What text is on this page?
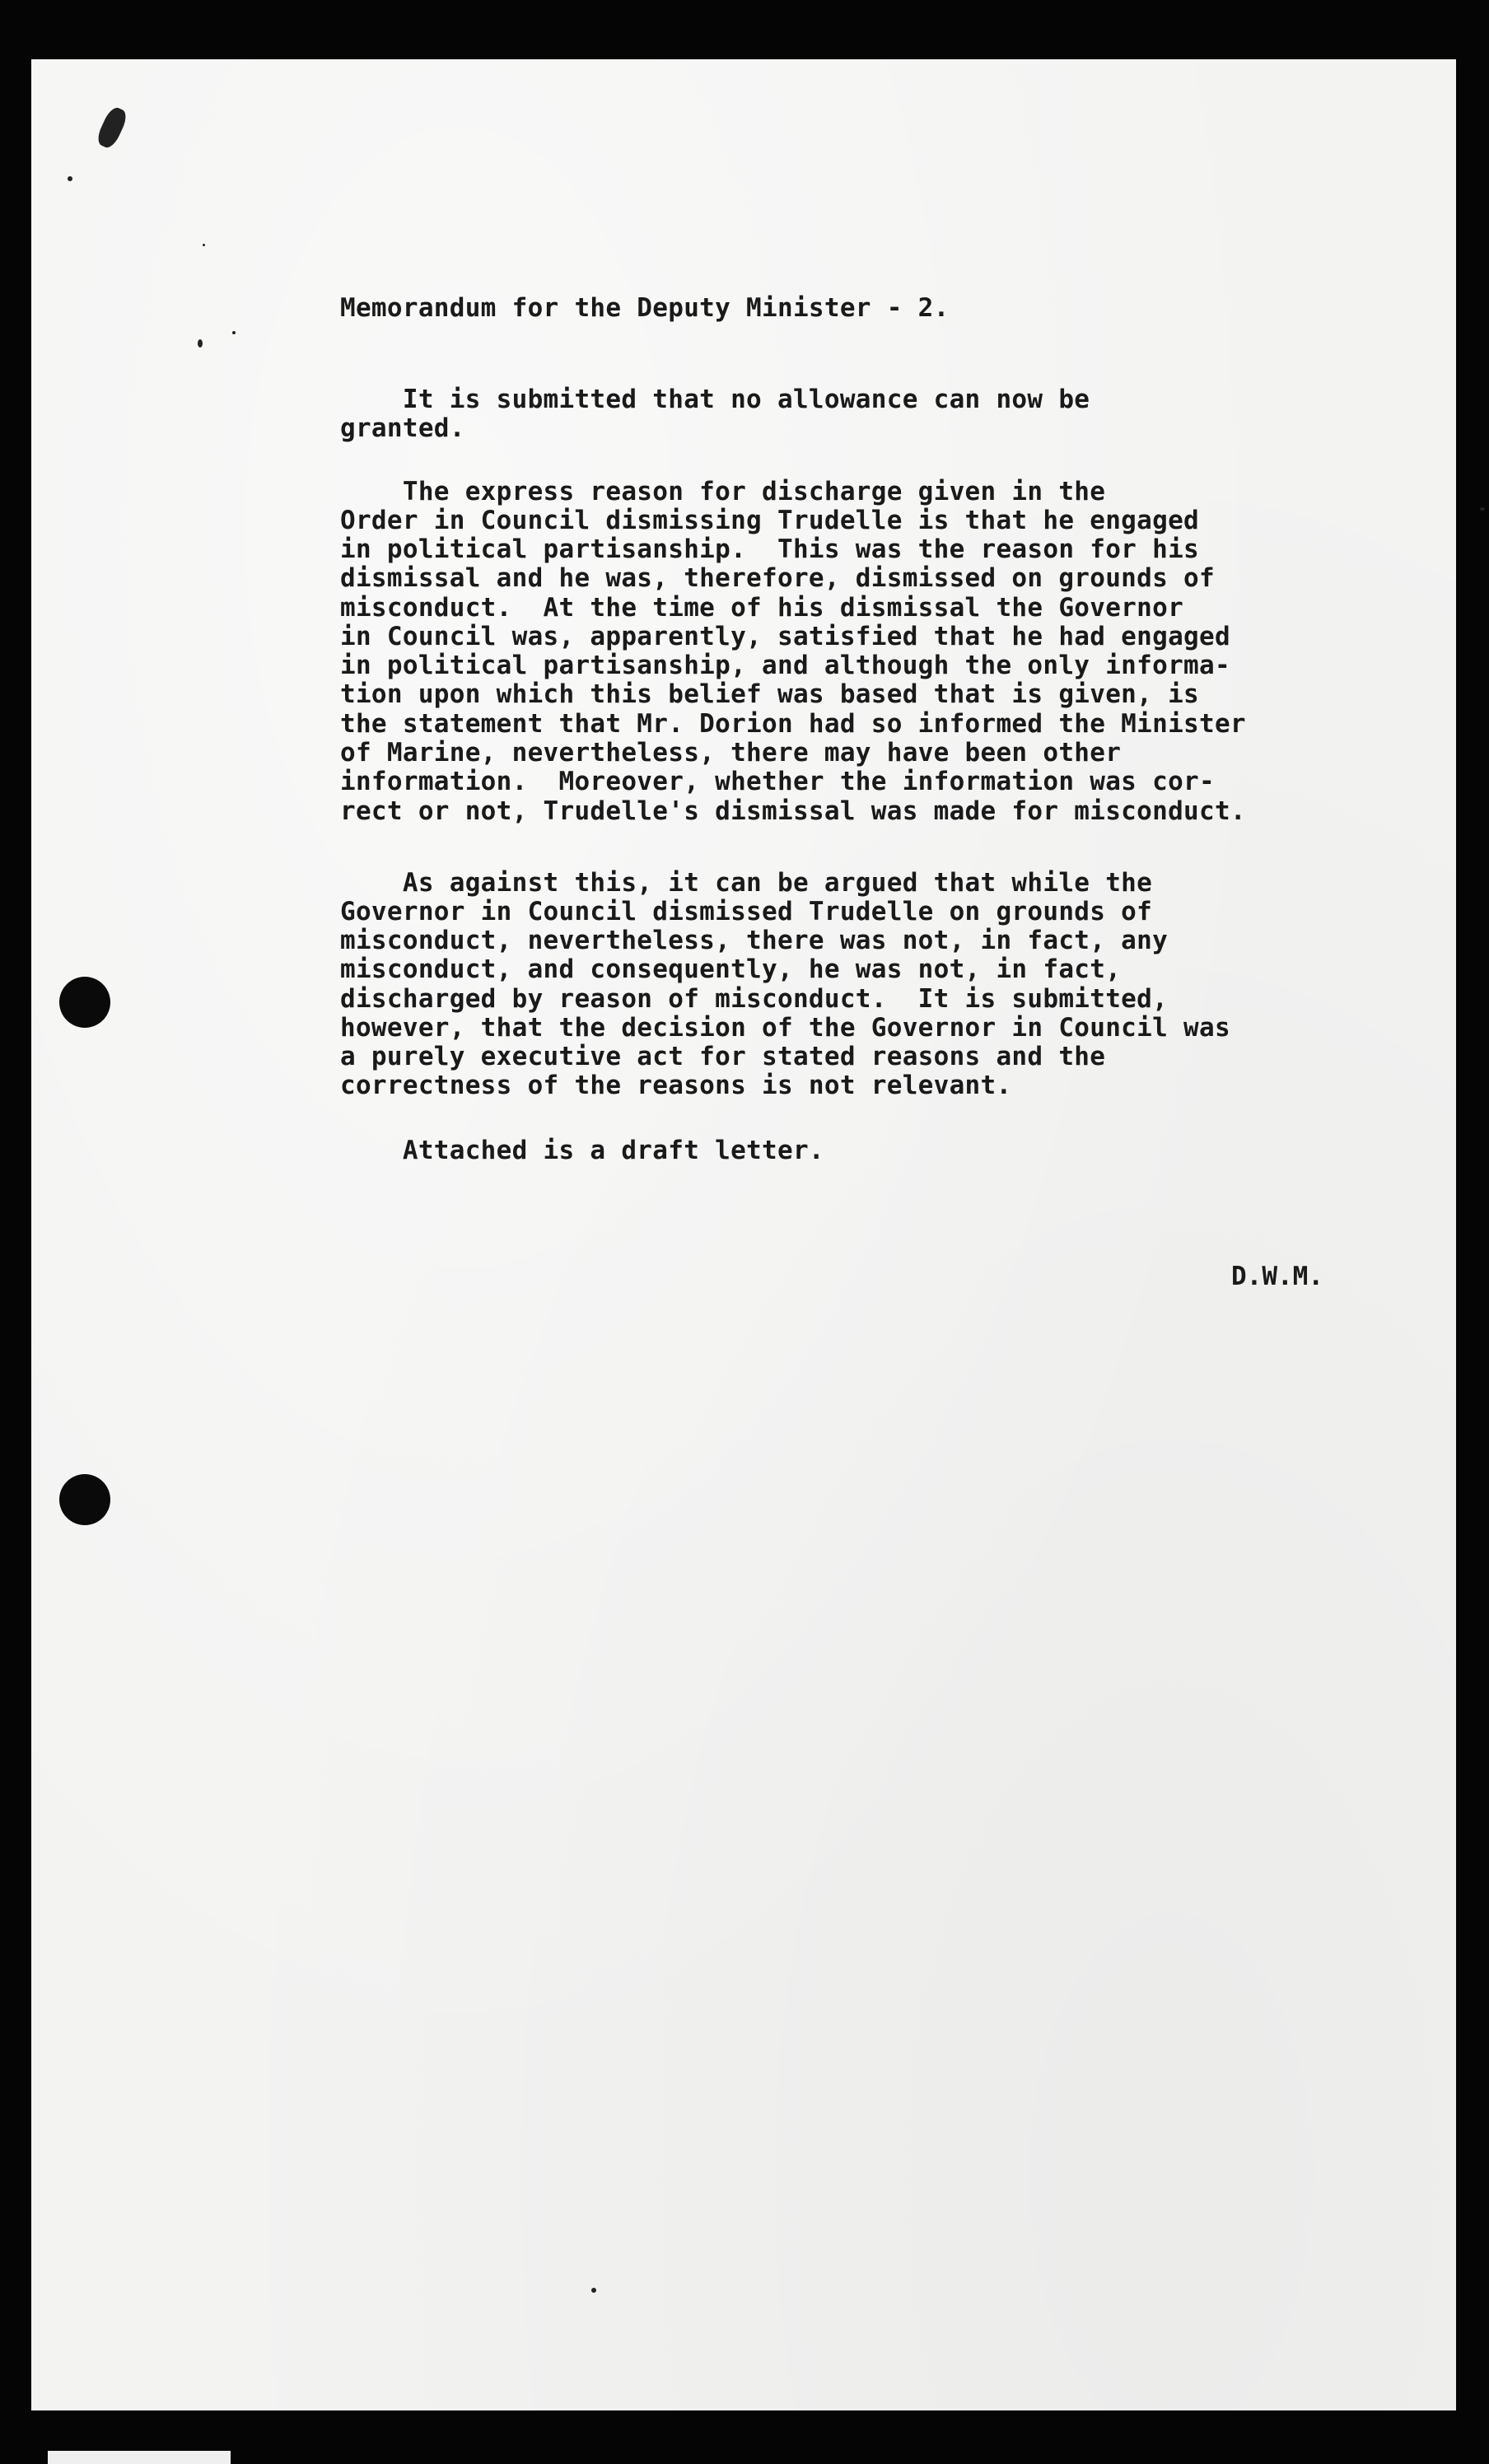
Memorandum for the Deputy Minister - 2.

It is submitted that no allowance can now be

granted.

The express reason for discharge given in the

Order in Council dismissing Trudelle is that he engaged

in political partisanship.  This was the reason for his

dismissal and he was, therefore, dismissed on grounds of

misconduct.  At the time of his dismissal the Governor

in Council was, apparently, satisfied that he had engaged

in political partisanship, and although the only informa-

tion upon which this belief was based that is given, is

the statement that Mr. Dorion had so informed the Minister

of Marine, nevertheless, there may have been other

information.  Moreover, whether the information was cor-

rect or not, Trudelle's dismissal was made for misconduct.

As against this, it can be argued that while the

Governor in Council dismissed Trudelle on grounds of

misconduct, nevertheless, there was not, in fact, any

misconduct, and consequently, he was not, in fact,

discharged by reason of misconduct.  It is submitted,

however, that the decision of the Governor in Council was

a purely executive act for stated reasons and the

correctness of the reasons is not relevant.

Attached is a draft letter.

D.W.M.
